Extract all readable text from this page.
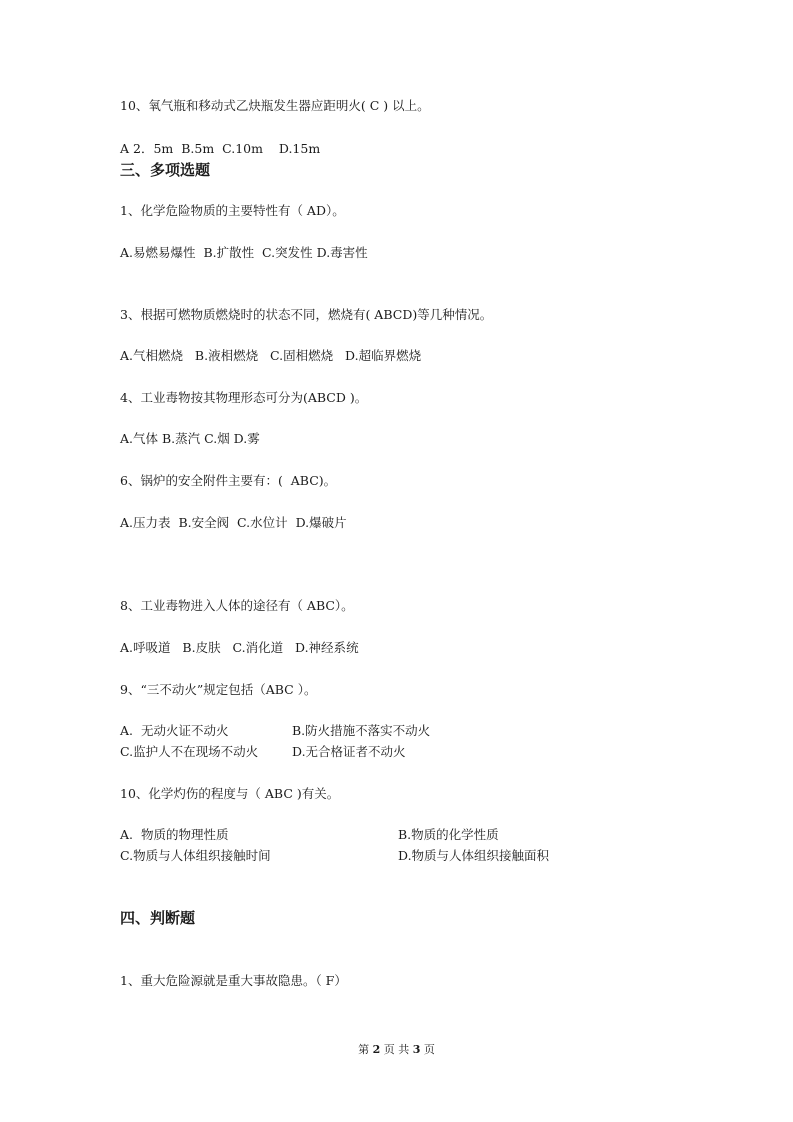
10、氧气瓶和移动式乙炔瓶发生器应距明火( C ) 以上。
A 2．5m  B.5m  C.10m    D.15m
三、多项选题
1、化学危险物质的主要特性有（ AD）。
A.易燃易爆性  B.扩散性  C.突发性 D.毒害性
3、根据可燃物质燃烧时的状态不同，燃烧有( ABCD)等几种情况。
A.气相燃烧   B.液相燃烧   C.固相燃烧   D.超临界燃烧
4、工业毒物按其物理形态可分为(ABCD )。
A.气体 B.蒸汽 C.烟 D.雾
6、锅炉的安全附件主要有：(  ABC)。
A.压力表  B.安全阀  C.水位计  D.爆破片
8、工业毒物进入人体的途径有（ ABC）。
A.呼吸道   B.皮肤   C.消化道   D.神经系统
9、“三不动火”规定包括（ABC ）。
A.  无动火证不动火	B.防火措施不落实不动火
C.监护人不在现场不动火	D.无合格证者不动火
10、化学灼伤的程度与（ ABC )有关。
A.  物质的物理性质	B.物质的化学性质
C.物质与人体组织接触时间	D.物质与人体组织接触面积
四、判断题
1、重大危险源就是重大事故隐患。（ F）
第 2 页 共 3 页
